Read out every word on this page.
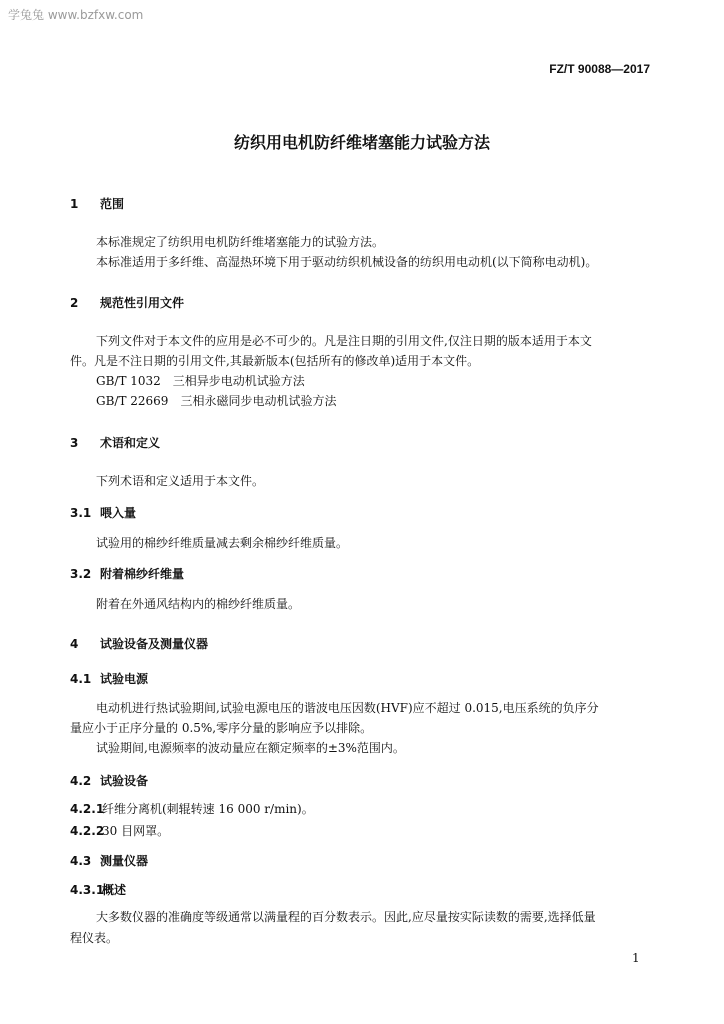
学兔兔 www.bzfxw.com
FZ/T 90088—2017
纺织用电机防纤维堵塞能力试验方法
1 范围
本标准规定了纺织用电机防纤维堵塞能力的试验方法。
本标准适用于多纤维、高湿热环境下用于驱动纺织机械设备的纺织用电动机(以下简称电动机)。
2 规范性引用文件
下列文件对于本文件的应用是必不可少的。凡是注日期的引用文件,仅注日期的版本适用于本文
件。凡是不注日期的引用文件,其最新版本(包括所有的修改单)适用于本文件。
GB/T 1032　三相异步电动机试验方法
GB/T 22669　三相永磁同步电动机试验方法
3 术语和定义
下列术语和定义适用于本文件。
3.1 喂入量
试验用的棉纱纤维质量减去剩余棉纱纤维质量。
3.2 附着棉纱纤维量
附着在外通风结构内的棉纱纤维质量。
4 试验设备及测量仪器
4.1 试验电源
电动机进行热试验期间,试验电源电压的谐波电压因数(HVF)应不超过 0.015,电压系统的负序分
量应小于正序分量的 0.5%,零序分量的影响应予以排除。
试验期间,电源频率的波动量应在额定频率的±3%范围内。
4.2 试验设备
4.2.1纤维分离机(刺辊转速 16 000 r/min)。
4.2.230 目网罩。
4.3 测量仪器
4.3.1概述
大多数仪器的准确度等级通常以满量程的百分数表示。因此,应尽量按实际读数的需要,选择低量
程仪表。
1
